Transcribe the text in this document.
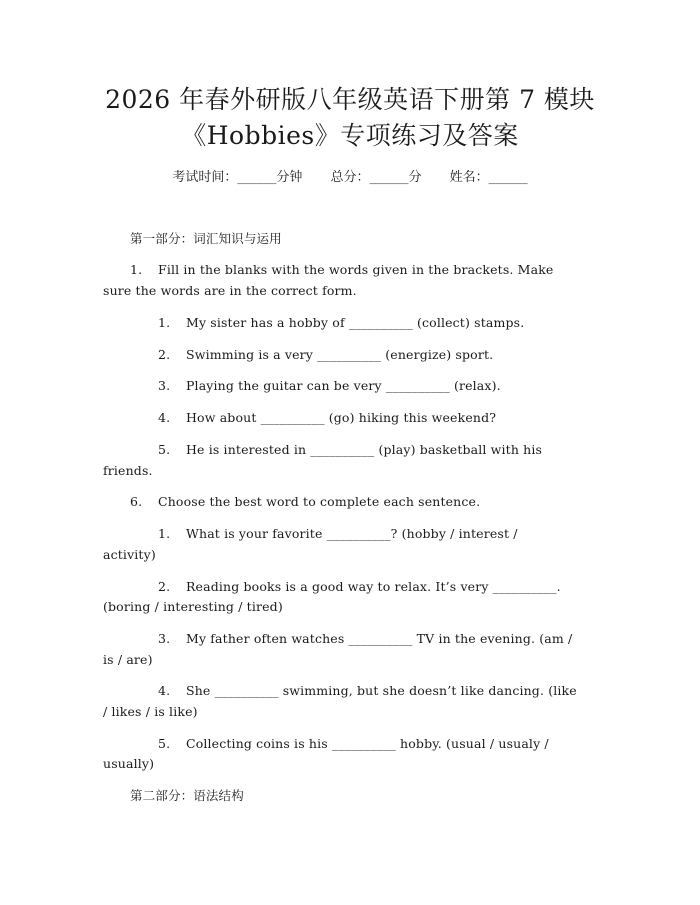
2026 年春外研版八年级英语下册第 7 模块
《Hobbies》专项练习及答案
考试时间：______分钟 总分：______分 姓名：______
第一部分：词汇知识与运用
1. Fill in the blanks with the words given in the brackets. Make
sure the words are in the correct form.
1. My sister has a hobby of __________ (collect) stamps.
2. Swimming is a very __________ (energize) sport.
3. Playing the guitar can be very __________ (relax).
4. How about __________ (go) hiking this weekend?
5. He is interested in __________ (play) basketball with his
friends.
6. Choose the best word to complete each sentence.
1. What is your favorite __________? (hobby / interest /
activity)
2. Reading books is a good way to relax. It’s very __________.
(boring / interesting / tired)
3. My father often watches __________ TV in the evening. (am /
is / are)
4. She __________ swimming, but she doesn’t like dancing. (like
/ likes / is like)
5. Collecting coins is his __________ hobby. (usual / usualy /
usually)
第二部分：语法结构
